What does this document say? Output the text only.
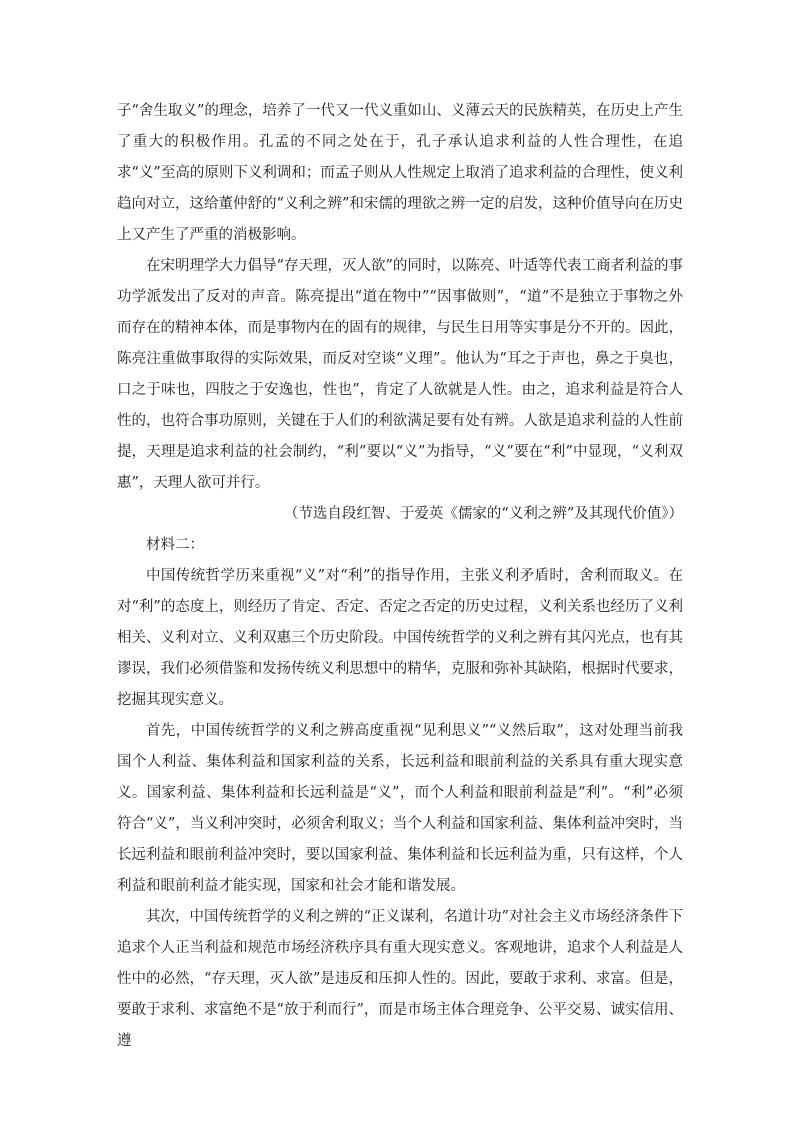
子“舍生取义”的理念，培养了一代又一代义重如山、义薄云天的民族精英，在历史上产生了重大的积极作用。孔孟的不同之处在于，孔子承认追求利益的人性合理性，在追求“义”至高的原则下义利调和；而孟子则从人性规定上取消了追求利益的合理性，使义利趋向对立，这给董仲舒的“义利之辨”和宋儒的理欲之辨一定的启发，这种价值导向在历史上又产生了严重的消极影响。

在宋明理学大力倡导“存天理，灭人欲”的同时，以陈亮、叶适等代表工商者利益的事功学派发出了反对的声音。陈亮提出“道在物中”“因事做则”，“道”不是独立于事物之外而存在的精神本体，而是事物内在的固有的规律，与民生日用等实事是分不开的。因此，陈亮注重做事取得的实际效果，而反对空谈“义理”。他认为“耳之于声也，鼻之于臭也，口之于味也，四肢之于安逸也，性也”，肯定了人欲就是人性。由之，追求利益是符合人性的，也符合事功原则，关键在于人们的利欲满足要有处有辨。人欲是追求利益的人性前提，天理是追求利益的社会制约，“利”要以“义”为指导，“义”要在“利”中显现，“义利双惠”，天理人欲可并行。

（节选自段红智、于爱英《儒家的“义利之辨”及其现代价值》）

材料二：

中国传统哲学历来重视“义”对“利”的指导作用，主张义利矛盾时，舍利而取义。在对“利”的态度上，则经历了肯定、否定、否定之否定的历史过程，义利关系也经历了义利相关、义利对立、义利双惠三个历史阶段。中国传统哲学的义利之辨有其闪光点，也有其谬误，我们必须借鉴和发扬传统义利思想中的精华，克服和弥补其缺陷，根据时代要求，挖掘其现实意义。

首先，中国传统哲学的义利之辨高度重视“见利思义”“义然后取”，这对处理当前我国个人利益、集体利益和国家利益的关系，长远利益和眼前利益的关系具有重大现实意义。国家利益、集体利益和长远利益是“义”，而个人利益和眼前利益是“利”。“利”必须符合“义”，当义利冲突时，必须舍利取义；当个人利益和国家利益、集体利益冲突时，当长远利益和眼前利益冲突时，要以国家利益、集体利益和长远利益为重，只有这样，个人利益和眼前利益才能实现，国家和社会才能和谐发展。

其次，中国传统哲学的义利之辨的“正义谋利，名道计功”对社会主义市场经济条件下追求个人正当利益和规范市场经济秩序具有重大现实意义。客观地讲，追求个人利益是人性中的必然，“存天理，灭人欲”是违反和压抑人性的。因此，要敢于求利、求富。但是，要敢于求利、求富绝不是“放于利而行”，而是市场主体合理竞争、公平交易、诚实信用、遵
